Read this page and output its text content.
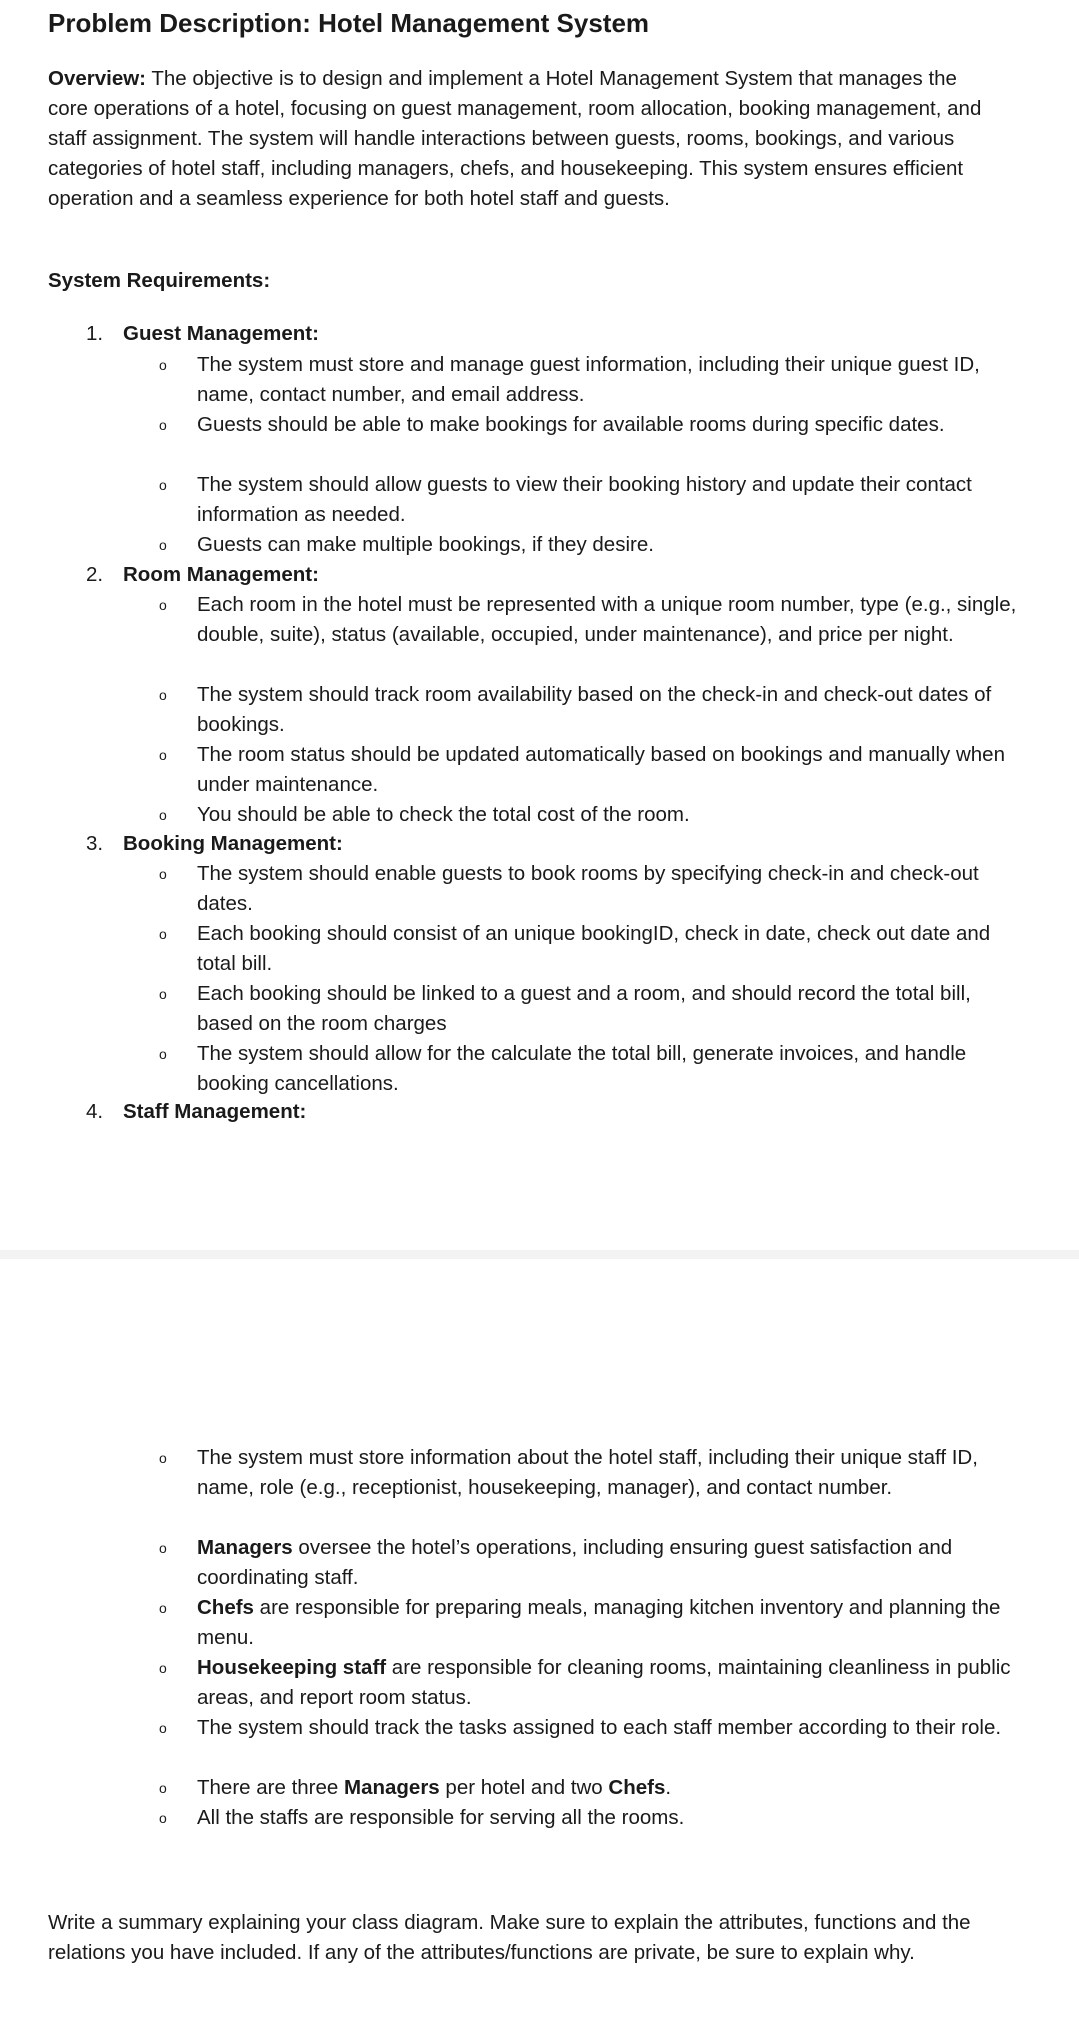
Problem Description: Hotel Management System
Overview: The objective is to design and implement a Hotel Management System that manages the core operations of a hotel, focusing on guest management, room allocation, booking management, and staff assignment. The system will handle interactions between guests, rooms, bookings, and various categories of hotel staff, including managers, chefs, and housekeeping. This system ensures efficient operation and a seamless experience for both hotel staff and guests.
System Requirements:
1. Guest Management:
o The system must store and manage guest information, including their unique guest ID, name, contact number, and email address.
o Guests should be able to make bookings for available rooms during specific dates.
o The system should allow guests to view their booking history and update their contact information as needed.
o Guests can make multiple bookings, if they desire.
2. Room Management:
o Each room in the hotel must be represented with a unique room number, type (e.g., single, double, suite), status (available, occupied, under maintenance), and price per night.
o The system should track room availability based on the check-in and check-out dates of bookings.
o The room status should be updated automatically based on bookings and manually when under maintenance.
o You should be able to check the total cost of the room.
3. Booking Management:
o The system should enable guests to book rooms by specifying check-in and check-out dates.
o Each booking should consist of an unique bookingID, check in date, check out date and total bill.
o Each booking should be linked to a guest and a room, and should record the total bill, based on the room charges
o The system should allow for the calculate the total bill, generate invoices, and handle booking cancellations.
4. Staff Management:
o The system must store information about the hotel staff, including their unique staff ID, name, role (e.g., receptionist, housekeeping, manager), and contact number.
o Managers oversee the hotel’s operations, including ensuring guest satisfaction and coordinating staff.
o Chefs are responsible for preparing meals, managing kitchen inventory and planning the menu.
o Housekeeping staff are responsible for cleaning rooms, maintaining cleanliness in public areas, and report room status.
o The system should track the tasks assigned to each staff member according to their role.
o There are three Managers per hotel and two Chefs.
o All the staffs are responsible for serving all the rooms.
Write a summary explaining your class diagram. Make sure to explain the attributes, functions and the relations you have included. If any of the attributes/functions are private, be sure to explain why.
